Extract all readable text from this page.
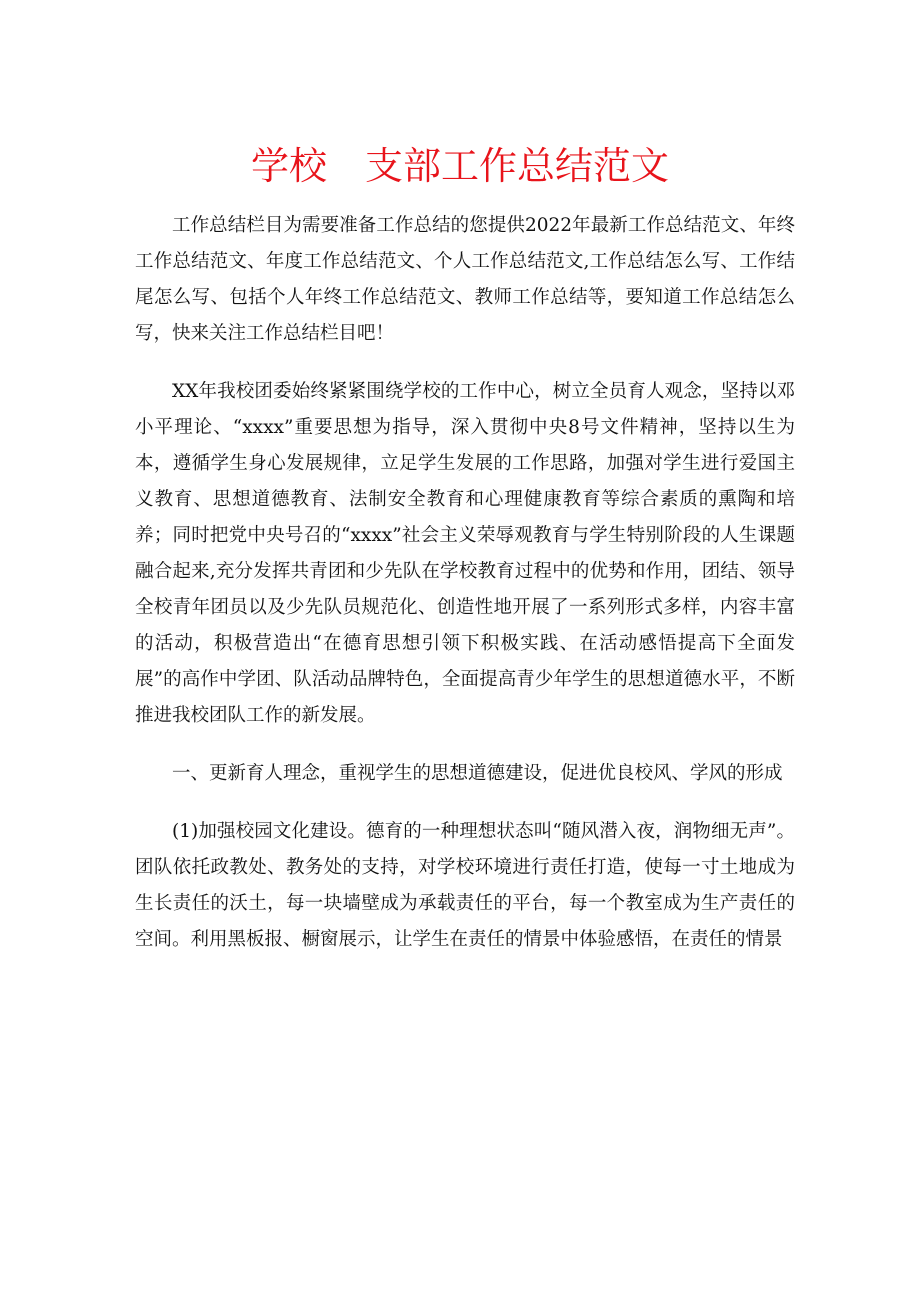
学校　支部工作总结范文

工作总结栏目为需要准备工作总结的您提供2022年最新工作总结范文、年终工作总结范文、年度工作总结范文、个人工作总结范文,工作总结怎么写、工作结尾怎么写、包括个人年终工作总结范文、教师工作总结等，要知道工作总结怎么写，快来关注工作总结栏目吧！

XX年我校团委始终紧紧围绕学校的工作中心，树立全员育人观念，坚持以邓小平理论、“xxxx”重要思想为指导，深入贯彻中央8号文件精神，坚持以生为本，遵循学生身心发展规律，立足学生发展的工作思路，加强对学生进行爱国主义教育、思想道德教育、法制安全教育和心理健康教育等综合素质的熏陶和培养；同时把党中央号召的“xxxx”社会主义荣辱观教育与学生特别阶段的人生课题融合起来,充分发挥共青团和少先队在学校教育过程中的优势和作用，团结、领导全校青年团员以及少先队员规范化、创造性地开展了一系列形式多样，内容丰富的活动，积极营造出“在德育思想引领下积极实践、在活动感悟提高下全面发展”的高作中学团、队活动品牌特色，全面提高青少年学生的思想道德水平，不断推进我校团队工作的新发展。

一、更新育人理念，重视学生的思想道德建设，促进优良校风、学风的形成

(1)加强校园文化建设。德育的一种理想状态叫“随风潜入夜，润物细无声”。团队依托政教处、教务处的支持，对学校环境进行责任打造，使每一寸土地成为生长责任的沃土，每一块墙壁成为承载责任的平台，每一个教室成为生产责任的空间。利用黑板报、橱窗展示，让学生在责任的情景中体验感悟，在责任的情景
